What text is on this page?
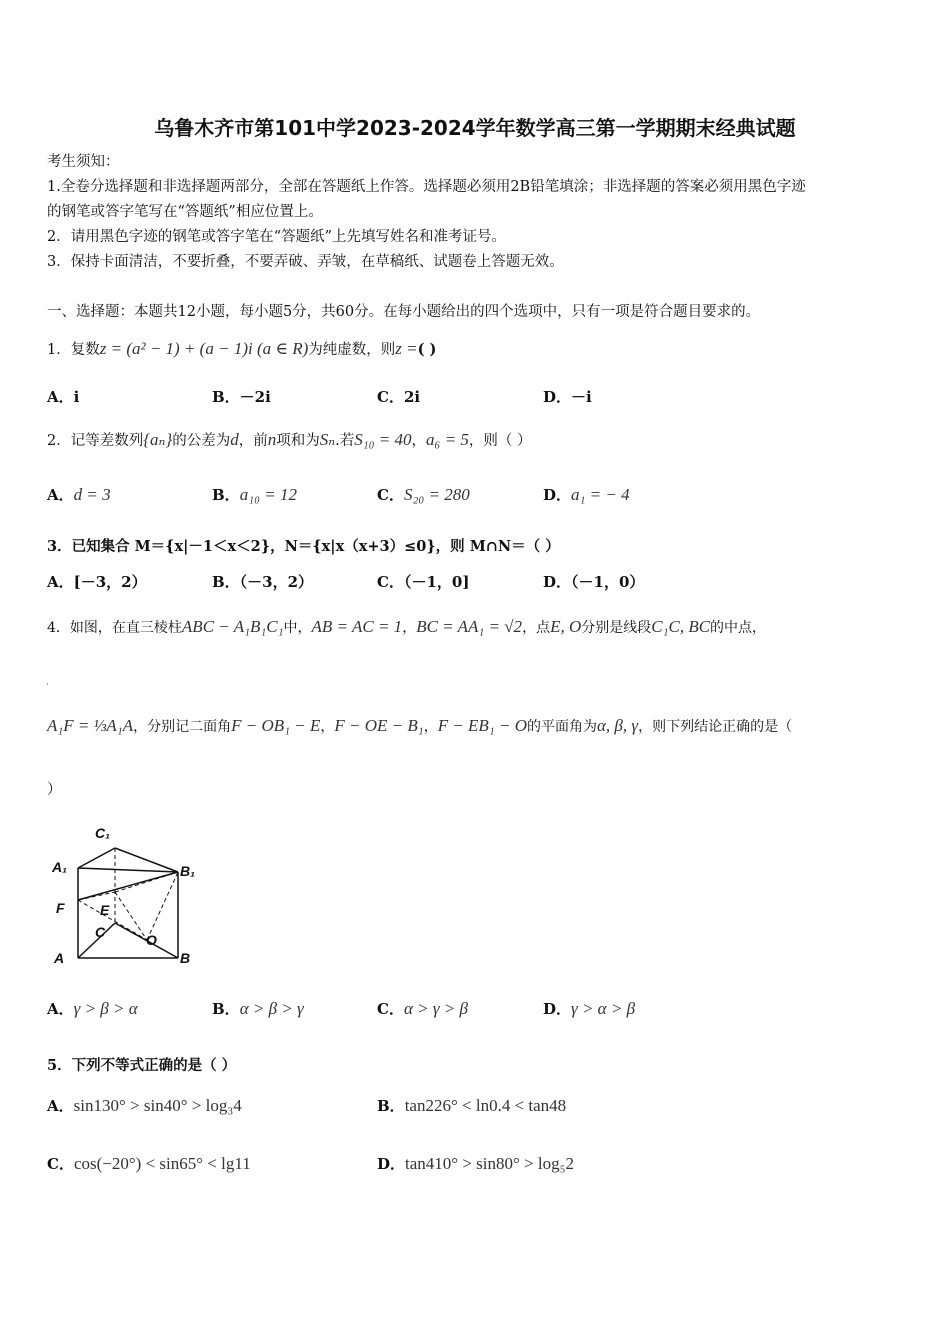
乌鲁木齐市第101中学2023-2024学年数学高三第一学期期末经典试题
考生须知：
1.全卷分选择题和非选择题两部分，全部在答题纸上作答。选择题必须用2B铅笔填涂；非选择题的答案必须用黑色字迹
的钢笔或答字笔写在“答题纸”相应位置上。
2．请用黑色字迹的钢笔或答字笔在“答题纸”上先填写姓名和准考证号。
3．保持卡面清洁，不要折叠，不要弄破、弄皱，在草稿纸、试题卷上答题无效。
一、选择题：本题共12小题，每小题5分，共60分。在每小题给出的四个选项中，只有一项是符合题目要求的。
1．复数z = (a² − 1) + (a − 1)i (a ∈ R)为纯虚数，则z =( )
A．i	B．－2i	C．2i	D．－i
2．记等差数列{aₙ}的公差为d，前n项和为Sₙ.若S₁₀ = 40，a₆ = 5，则（ ）
A．d = 3	B．a₁₀ = 12	C．S₂₀ = 280	D．a₁ = − 4
3．已知集合 M＝{x|－1＜x＜2}，N＝{x|x（x+3）≤0}，则 M∩N＝（ ）
A．[－3，2）	B．（－3，2）	C．（－1，0]	D．（－1，0）
4．如图，在直三棱柱ABC − A₁B₁C₁中，AB = AC = 1，BC = AA₁ = √2，点E, O分别是线段C₁C, BC的中点，
·
A₁F = ⅓A₁A，分别记二面角F − OB₁ − E，F − OE − B₁，F − EB₁ − O的平面角为α, β, γ，则下列结论正确的是（
）
C₁
A₁	B₁
F	E
C	O
A	B
A．γ > β > α	B．α > β > γ	C．α > γ > β	D．γ > α > β
5．下列不等式正确的是（ ）
A．sin130° > sin40° > log₃4	B．tan226° < ln0.4 < tan48
C．cos(−20°) < sin65° < lg11	D．tan410° > sin80° > log₅2
